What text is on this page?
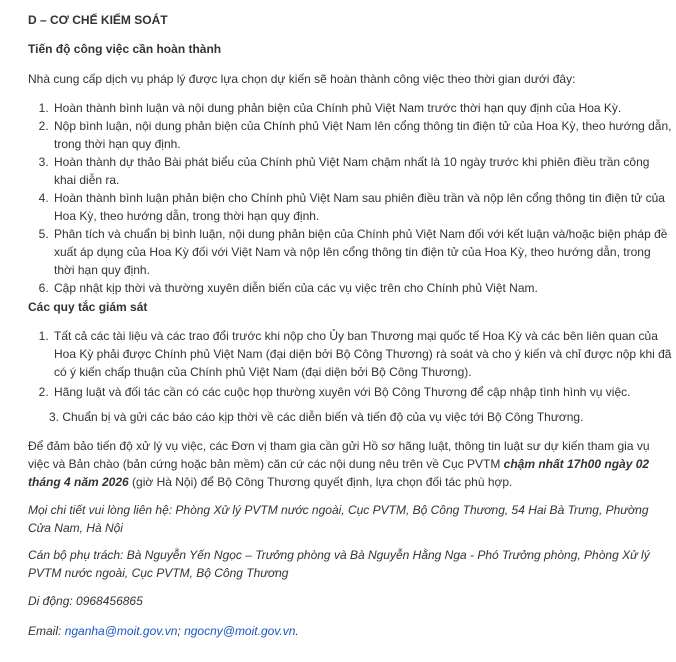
D – CƠ CHẾ KIỂM SOÁT
Tiến độ công việc cần hoàn thành

Nhà cung cấp dịch vụ pháp lý được lựa chọn dự kiến sẽ hoàn thành công việc theo thời gian dưới đây:

1. Hoàn thành bình luận và nội dung phản biện của Chính phủ Việt Nam trước thời hạn quy định của Hoa Kỳ.
2. Nộp bình luận, nội dung phản biện của Chính phủ Việt Nam lên cổng thông tin điện tử của Hoa Kỳ, theo hướng dẫn, trong thời hạn quy định.
3. Hoàn thành dự thảo Bài phát biểu của Chính phủ Việt Nam chậm nhất là 10 ngày trước khi phiên điều trần công khai diễn ra.
4. Hoàn thành bình luận phản biện cho Chính phủ Việt Nam sau phiên điều trần và nộp lên cổng thông tin điện tử của Hoa Kỳ, theo hướng dẫn, trong thời hạn quy định.
5. Phân tích và chuẩn bị bình luận, nội dung phản biện của Chính phủ Việt Nam đối với kết luận và/hoặc biện pháp đề xuất áp dụng của Hoa Kỳ đối với Việt Nam và nộp lên cổng thông tin điện tử của Hoa Kỳ, theo hướng dẫn, trong thời hạn quy định.
6. Cập nhật kịp thời và thường xuyên diễn biến của các vụ việc trên cho Chính phủ Việt Nam.
Các quy tắc giám sát
1. Tất cả các tài liệu và các trao đổi trước khi nộp cho Ủy ban Thương mại quốc tế Hoa Kỳ và các bên liên quan của Hoa Kỳ phải được Chính phủ Việt Nam (đại diện bởi Bộ Công Thương) rà soát và cho ý kiến và chỉ được nộp khi đã có ý kiến chấp thuận của Chính phủ Việt Nam (đại diện bởi Bộ Công Thương).
2. Hãng luật và đối tác cần có các cuộc họp thường xuyên với Bộ Công Thương để cập nhập tình hình vụ việc.

3. Chuẩn bị và gửi các báo cáo kịp thời về các diễn biến và tiến độ của vụ việc tới Bộ Công Thương.

Để đảm bảo tiến độ xử lý vụ việc, các Đơn vị tham gia cần gửi Hồ sơ hãng luật, thông tin luật sư dự kiến tham gia vụ việc và Bản chào (bản cứng hoặc bản mềm) căn cứ các nội dung nêu trên về Cục PVTM chậm nhất 17h00 ngày 02 tháng 4 năm 2026 (giờ Hà Nội) để Bộ Công Thương quyết định, lựa chọn đối tác phù hợp.

Mọi chi tiết vui lòng liên hệ: Phòng Xử lý PVTM nước ngoài, Cục PVTM, Bộ Công Thương, 54 Hai Bà Trưng, Phường Cửa Nam, Hà Nội

Cán bộ phụ trách: Bà Nguyễn Yến Ngọc – Trưởng phòng và Bà Nguyễn Hằng Nga - Phó Trưởng phòng, Phòng Xử lý PVTM nước ngoài, Cục PVTM, Bộ Công Thương

Di động: 0968456865

Email: nganha@moit.gov.vn; ngocny@moit.gov.vn.
